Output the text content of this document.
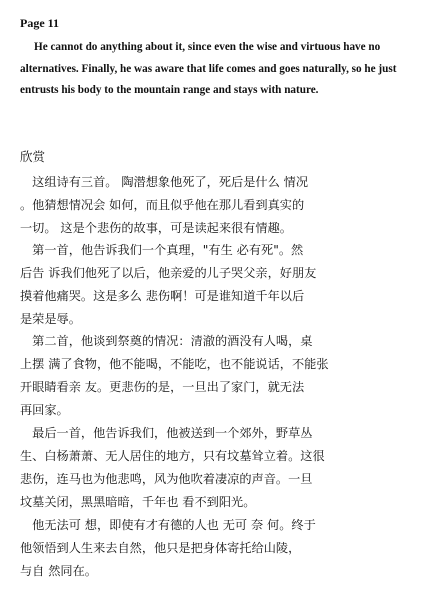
Page 11

He cannot do anything about it, since even the wise and virtuous have no alternatives. Finally, he was aware that life comes and goes naturally, so he just entrusts his body to the mountain range and stays with nature.

欣赏

　这组诗有三首。 陶潜想象他死了，死后是什么 情况
。他猜想情况会 如何，而且似乎他在那儿看到真实的
一切。 这是个悲伤的故事，可是读起来很有情趣。

　第一首，他告诉我们一个真理，"有生 必有死"。然
后告 诉我们他死了以后，他亲爱的儿子哭父亲，好朋友
摸着他痛哭。这是多么 悲伤啊！可是谁知道千年以后
是荣是辱。

　第二首，他谈到祭奠的情况：清澈的酒没有人喝，桌
上摆 满了食物，他不能喝，不能吃，也不能说话，不能张
开眼睛看亲 友。更悲伤的是，一旦出了家门，就无法
再回家。

　最后一首，他告诉我们，他被送到一个郊外，野草丛
生、白杨萧萧、无人居住的地方，只有坟墓耸立着。这很
悲伤，连马也为他悲鸣，风为他吹着凄凉的声音。一旦
坟墓关闭，黑黑暗暗，千年也 看不到阳光。

　他无法可 想，即使有才有德的人也 无可 奈 何。终于
他领悟到人生来去自然，他只是把身体寄托给山陵，
与自 然同在。
